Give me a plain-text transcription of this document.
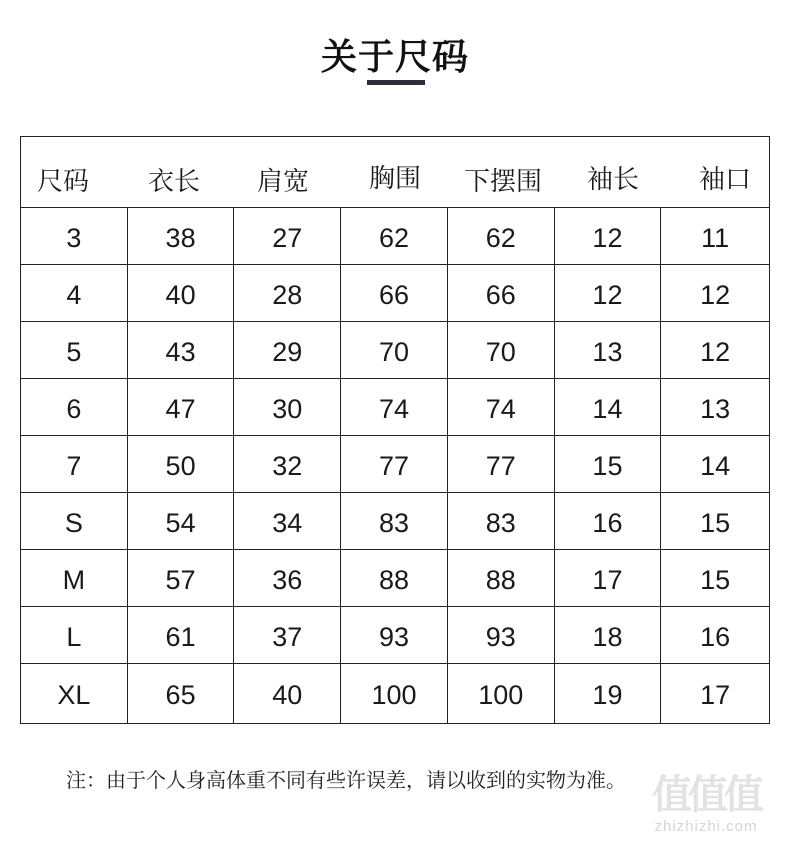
关于尺码
尺码 衣长 肩宽 胸围 下摆围 袖长 袖口
3	38	27	62	62	12	11
4	40	28	66	66	12	12
5	43	29	70	70	13	12
6	47	30	74	74	14	13
7	50	32	77	77	15	14
S	54	34	83	83	16	15
M	57	36	88	88	17	15
L	61	37	93	93	18	16
XL	65	40	100	100	19	17
注：由于个人身高体重不同有些许误差，请以收到的实物为准。 值值值
zhizhizhi.com
